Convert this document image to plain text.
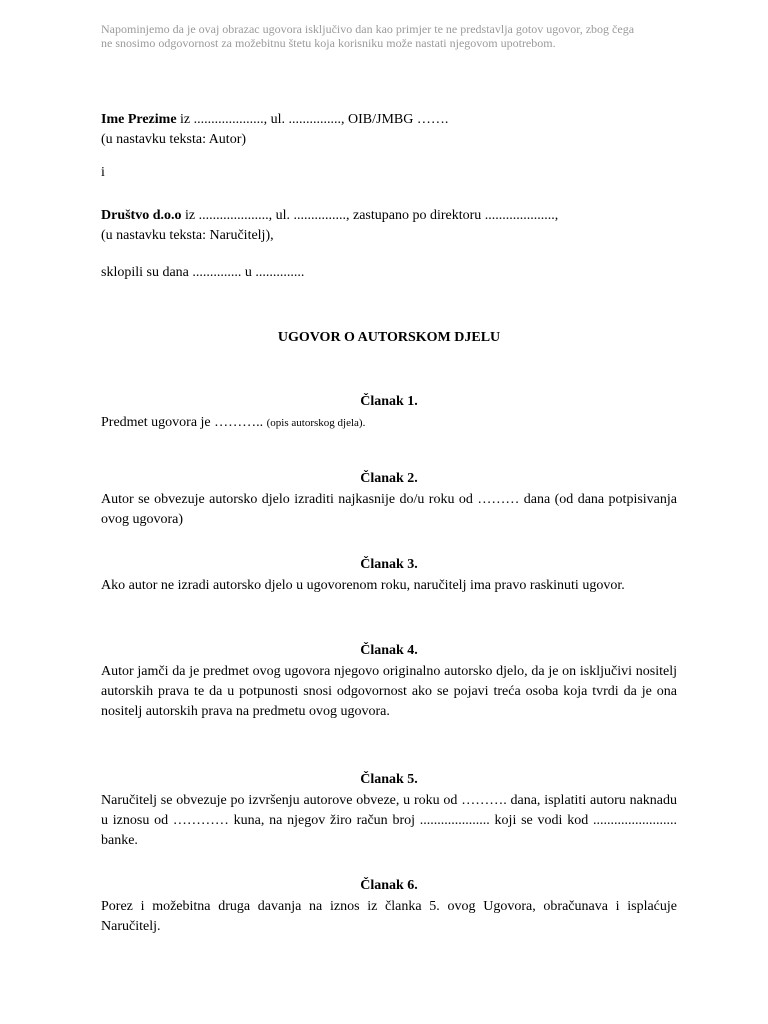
Napominjemo da je ovaj obrazac ugovora isključivo dan kao primjer te ne predstavlja gotov ugovor, zbog čega
ne snosimo odgovornost za možebitnu štetu koja korisniku može nastati njegovom upotrebom.
Ime Prezime iz ...................., ul. ..............., OIB/JMBG …….
(u nastavku teksta: Autor)
i
Društvo d.o.o iz ...................., ul. ..............., zastupano po direktoru ....................,
(u nastavku teksta: Naručitelj),
sklopili su dana .............. u ..............
UGOVOR O AUTORSKOM DJELU
Članak 1.
Predmet ugovora je ……….. (opis autorskog djela).
Članak 2.
Autor se obvezuje autorsko djelo izraditi najkasnije do/u roku od ……… dana (od dana potpisivanja ovog ugovora)
Članak 3.
Ako autor ne izradi autorsko djelo u ugovorenom roku, naručitelj ima pravo raskinuti ugovor.
Članak 4.
Autor jamči da je predmet ovog ugovora njegovo originalno autorsko djelo, da je on isključivi nositelj autorskih prava te da u potpunosti snosi odgovornost ako se pojavi treća osoba koja tvrdi da je ona nositelj autorskih prava na predmetu ovog ugovora.
Članak 5.
Naručitelj se obvezuje po izvršenju autorove obveze, u roku od ………. dana, isplatiti autoru naknadu u iznosu od ………… kuna, na njegov žiro račun broj .................... koji se vodi kod ........................ banke.
Članak 6.
Porez i možebitna druga davanja na iznos iz članka 5. ovog Ugovora, obračunava i isplaćuje Naručitelj.
